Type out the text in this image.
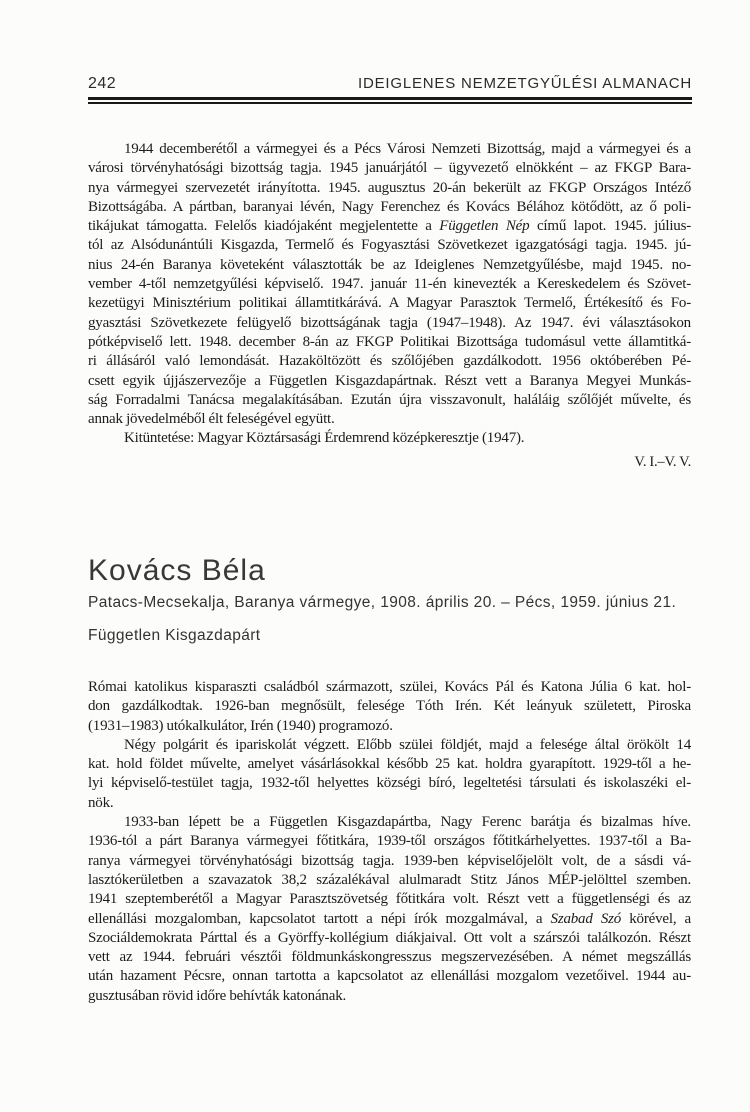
242	IDEIGLENES NEMZETGYŰLÉSI ALMANACH
1944 decemberétől a vármegyei és a Pécs Városi Nemzeti Bizottság, majd a vármegyei és a
városi törvényhatósági bizottság tagja. 1945 januárjától – ügyvezető elnökként – az FKGP Bara-
nya vármegyei szervezetét irányította. 1945. augusztus 20-án bekerült az FKGP Országos Intéző
Bizottságába. A pártban, baranyai lévén, Nagy Ferenchez és Kovács Bélához kötődött, az ő poli-
tikájukat támogatta. Felelős kiadójaként megjelentette a Független Nép című lapot. 1945. július-
tól az Alsódunántúli Kisgazda, Termelő és Fogyasztási Szövetkezet igazgatósági tagja. 1945. jú-
nius 24-én Baranya követeként választották be az Ideiglenes Nemzetgyűlésbe, majd 1945. no-
vember 4-től nemzetgyűlési képviselő. 1947. január 11-én kinevezték a Kereskedelem és Szövet-
kezetügyi Minisztérium politikai államtitkárává. A Magyar Parasztok Termelő, Értékesítő és Fo-
gyasztási Szövetkezete felügyelő bizottságának tagja (1947–1948). Az 1947. évi választásokon
pótképviselő lett. 1948. december 8-án az FKGP Politikai Bizottsága tudomásul vette államtitká-
ri állásáról való lemondását. Hazaköltözött és szőlőjében gazdálkodott. 1956 októberében Pé-
csett egyik újjászervezője a Független Kisgazdapártnak. Részt vett a Baranya Megyei Munkás-
ság Forradalmi Tanácsa megalakításában. Ezután újra visszavonult, haláláig szőlőjét művelte, és
annak jövedelméből élt feleségével együtt.
Kitüntetése: Magyar Köztársasági Érdemrend középkeresztje (1947).
V. I.–V. V.
Kovács Béla
Patacs-Mecsekalja, Baranya vármegye, 1908. április 20. – Pécs, 1959. június 21.
Független Kisgazdapárt
Római katolikus kisparaszti családból származott, szülei, Kovács Pál és Katona Júlia 6 kat. hol-
don gazdálkodtak. 1926-ban megnősült, felesége Tóth Irén. Két leányuk született, Piroska
(1931–1983) utókalkulátor, Irén (1940) programozó.
Négy polgárit és ipariskolát végzett. Előbb szülei földjét, majd a felesége által örökölt 14
kat. hold földet művelte, amelyet vásárlásokkal később 25 kat. holdra gyarapított. 1929-től a he-
lyi képviselő-testület tagja, 1932-től helyettes községi bíró, legeltetési társulati és iskolaszéki el-
nök.
1933-ban lépett be a Független Kisgazdapártba, Nagy Ferenc barátja és bizalmas híve.
1936-tól a párt Baranya vármegyei főtitkára, 1939-től országos főtitkárhelyettes. 1937-től a Ba-
ranya vármegyei törvényhatósági bizottság tagja. 1939-ben képviselőjelölt volt, de a sásdi vá-
lasztókerületben a szavazatok 38,2 százalékával alulmaradt Stitz János MÉP-jelölttel szemben.
1941 szeptemberétől a Magyar Parasztszövetség főtitkára volt. Részt vett a függetlenségi és az
ellenállási mozgalomban, kapcsolatot tartott a népi írók mozgalmával, a Szabad Szó körével, a
Szociáldemokrata Párttal és a Györffy-kollégium diákjaival. Ott volt a szárszói találkozón. Részt
vett az 1944. februári vésztői földmunkáskongresszus megszervezésében. A német megszállás
után hazament Pécsre, onnan tartotta a kapcsolatot az ellenállási mozgalom vezetőivel. 1944 au-
gusztusában rövid időre behívták katonának.
